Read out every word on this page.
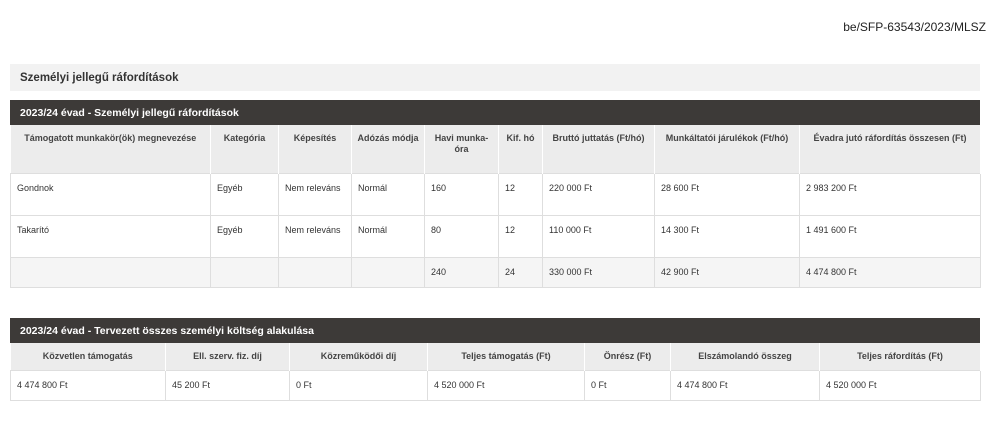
be/SFP-63543/2023/MLSZ
Személyi jellegű ráfordítások
2023/24 évad - Személyi jellegű ráfordítások
Támogatott munkakör(ök) megnevezése	Kategória	Képesítés	Adózás módja	Havi munka-óra	Kif. hó	Bruttó juttatás (Ft/hó)	Munkáltatói járulékok (Ft/hó)	Évadra jutó ráfordítás összesen (Ft)
Gondnok	Egyéb	Nem releváns	Normál	160	12	220 000 Ft	28 600 Ft	2 983 200 Ft
Takarító	Egyéb	Nem releváns	Normál	80	12	110 000 Ft	14 300 Ft	1 491 600 Ft
				240	24	330 000 Ft	42 900 Ft	4 474 800 Ft
2023/24 évad - Tervezett összes személyi költség alakulása
Közvetlen támogatás	Ell. szerv. fiz. díj	Közreműködői díj	Teljes támogatás (Ft)	Önrész (Ft)	Elszámolandó összeg	Teljes ráfordítás (Ft)
4 474 800 Ft	45 200 Ft	0 Ft	4 520 000 Ft	0 Ft	4 474 800 Ft	4 520 000 Ft
